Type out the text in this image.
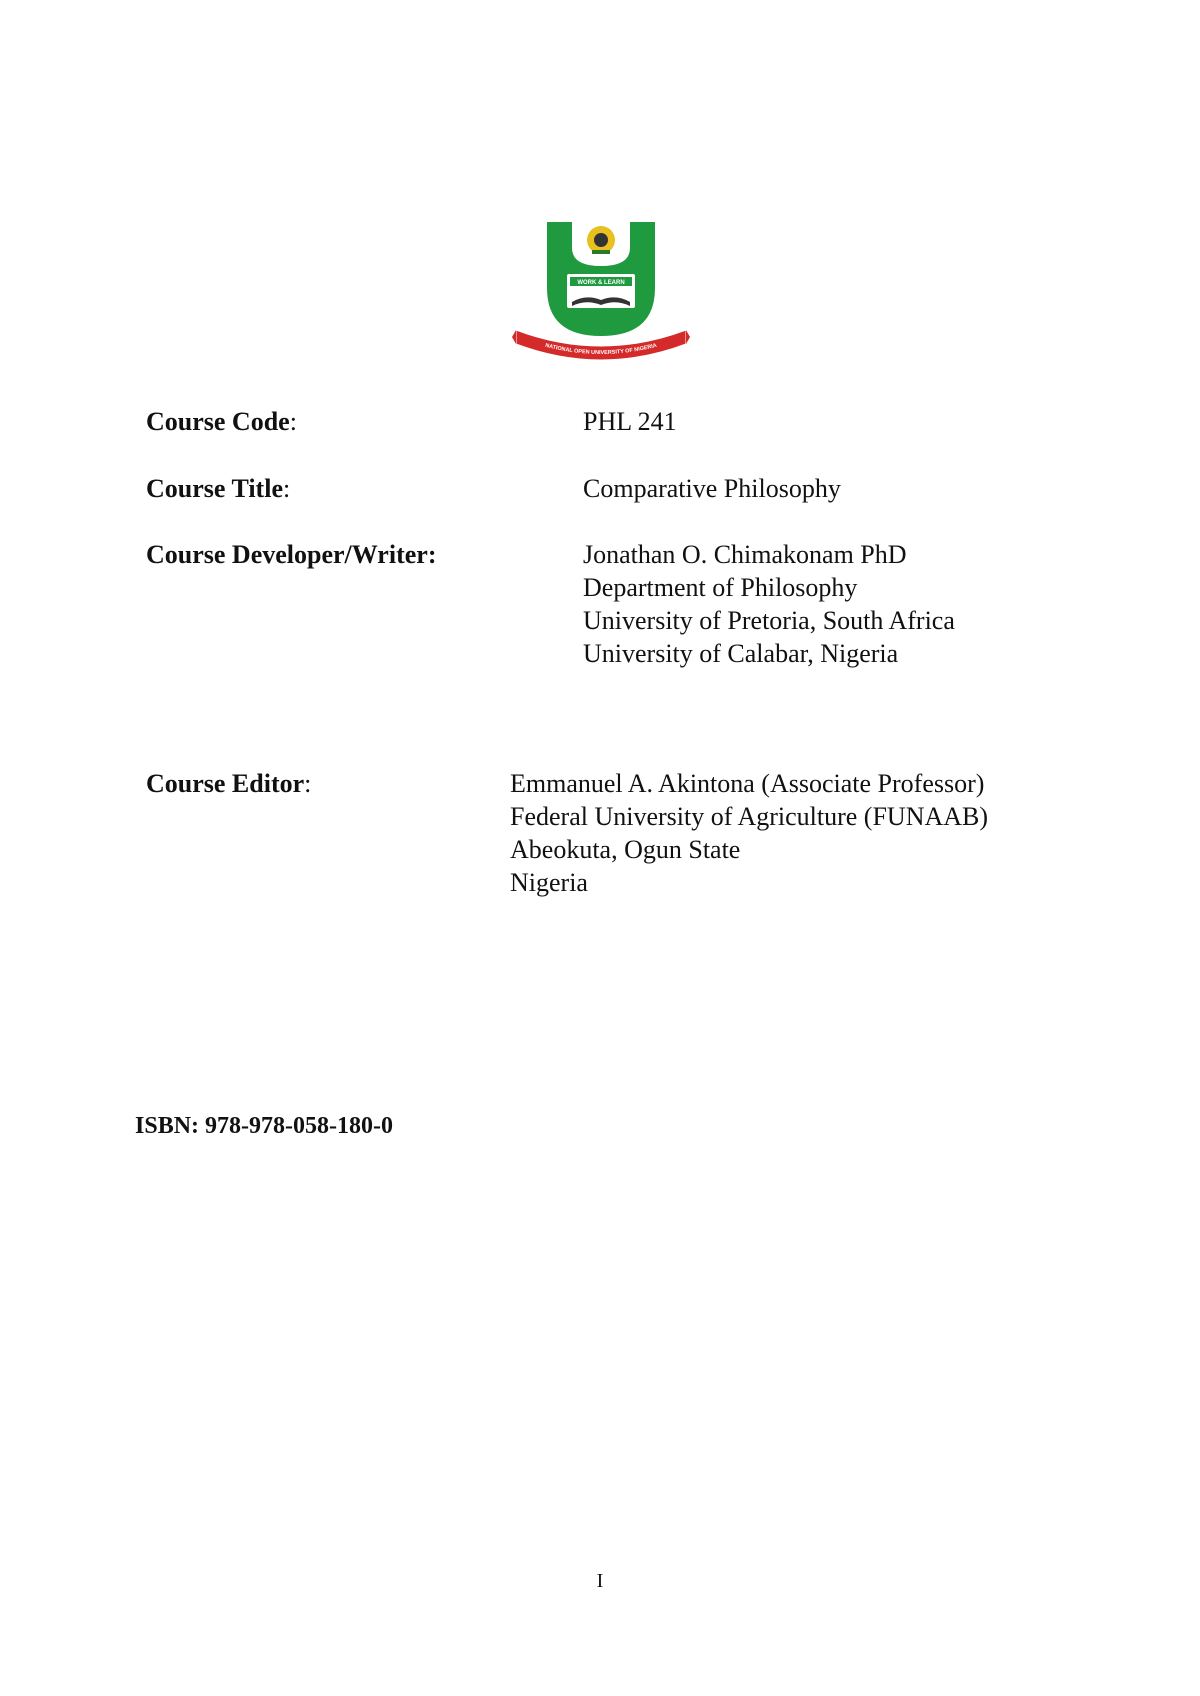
WORK & LEARN
NATIONAL OPEN UNIVERSITY OF NIGERIA
Course Code:	PHL 241
Course Title:	Comparative Philosophy
Course Developer/Writer:	Jonathan O. Chimakonam PhD
Department of Philosophy
University of Pretoria, South Africa
University of Calabar, Nigeria
Course Editor:	Emmanuel A. Akintona (Associate Professor)
Federal University of Agriculture (FUNAAB)
Abeokuta, Ogun State
Nigeria
ISBN: 978-978-058-180-0
I
